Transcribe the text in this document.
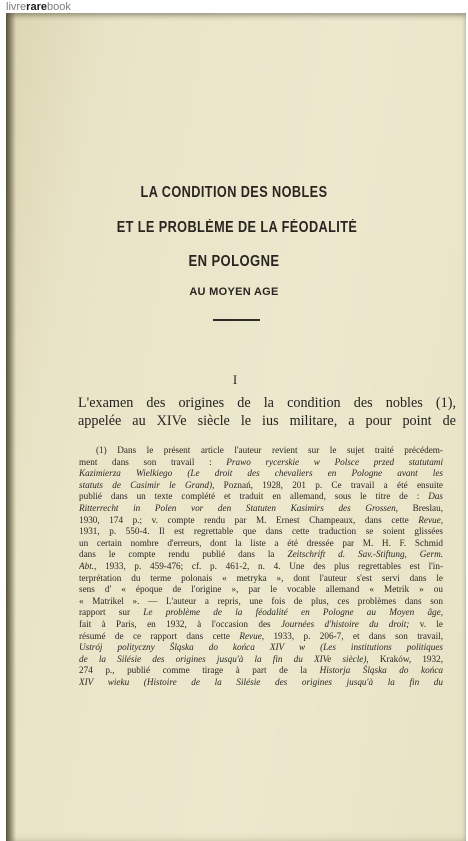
livrerarebook
LA CONDITION DES NOBLES
ET LE PROBLÈME DE LA FÉODALITÉ
EN POLOGNE
AU MOYEN AGE
I
L'examen des origines de la condition des nobles (1),
appelée au XIVe siècle le ius militare, a pour point de
(1) Dans le présent article l'auteur revient sur le sujet traité précédem-
ment dans son travail : Prawo rycerskie w Polsce przed statutami
Kazimierza Wielkiego (Le droit des chevaliers en Pologne avant les
statuts de Casimir le Grand), Poznań, 1928, 201 p. Ce travail a été ensuite
publié dans un texte complété et traduit en allemand, sous le titre de : Das
Ritterrecht in Polen vor den Statuten Kasimirs des Grossen, Breslau,
1930, 174 p.; v. compte rendu par M. Ernest Champeaux, dans cette Revue,
1931, p. 550-4. Il est regrettable que dans cette traduction se soient glissées
un certain nombre d'erreurs, dont la liste a été dressée par M. H. F. Schmid
dans le compte rendu publié dans la Zeitschrift d. Sav.-Stiftung, Germ.
Abt., 1933, p. 459-476; cf. p. 461-2, n. 4. Une des plus regrettables est l'in-
terprétation du terme polonais « metryka », dont l'auteur s'est servi dans le
sens d' « époque de l'origine », par le vocable allemand « Metrik » ou
« Matrikel ». — L'auteur a repris, une fois de plus, ces problèmes dans son
rapport sur Le problème de la féodalité en Pologne au Moyen âge,
fait à Paris, en 1932, à l'occasion des Journées d'histoire du droit; v. le
résumé de ce rapport dans cette Revue, 1933, p. 206-7, et dans son travail,
Ustrój polityczny Śląska do końca XIV w (Les institutions politiques
de la Silésie des origines jusqu'à la fin du XIVe siècle), Kraków, 1932,
274 p., publié comme tirage à part de la Historja Śląska do końca
XIV wieku (Histoire de la Silésie des origines jusqu'à la fin du
